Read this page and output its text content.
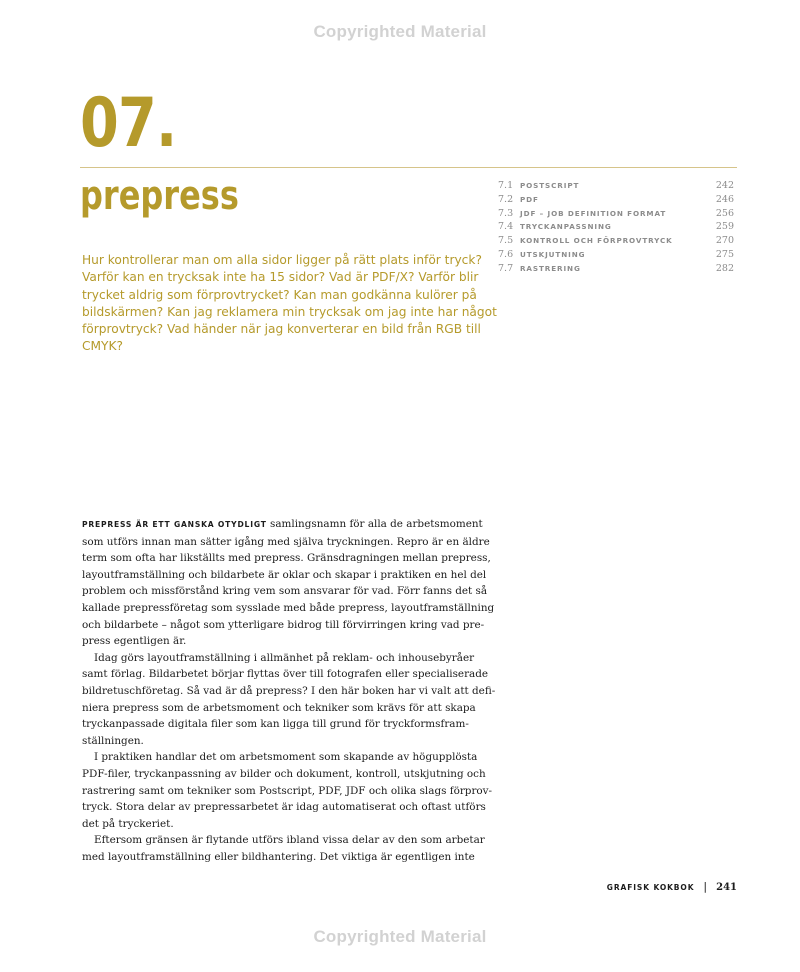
Copyrighted Material
07.
prepress

Hur kontrollerar man om alla sidor ligger på rätt plats inför tryck?
Varför kan en trycksak inte ha 15 sidor? Vad är PDF/X? Varför blir
trycket aldrig som förprovtrycket? Kan man godkänna kulörer på
bildskärmen? Kan jag reklamera min trycksak om jag inte har något
förprovtryck? Vad händer när jag konverterar en bild från RGB till
CMYK?

7.1 POSTSCRIPT	242
7.2 PDF	246
7.3 JDF – JOB DEFINITION FORMAT	256
7.4 TRYCKANPASSNING	259
7.5 KONTROLL OCH FÖRPROVTRYCK	270
7.6 UTSKJUTNING	275
7.7 RASTRERING	282
PREPRESS ÄR ETT GANSKA OTYDLIGT samlingsnamn för alla de arbetsmoment
som utförs innan man sätter igång med själva tryckningen. Repro är en äldre
term som ofta har likställts med prepress. Gränsdragningen mellan prepress,
layoutframställning och bildarbete är oklar och skapar i praktiken en hel del
problem och missförstånd kring vem som ansvarar för vad. Förr fanns det så
kallade prepressföretag som sysslade med både prepress, layoutframställning
och bildarbete – något som ytterligare bidrog till förvirringen kring vad pre-
press egentligen är.
Idag görs layoutframställning i allmänhet på reklam- och inhousebyråer
samt förlag. Bildarbetet börjar flyttas över till fotografen eller specialiserade
bildretuschföretag. Så vad är då prepress? I den här boken har vi valt att defi-
niera prepress som de arbetsmoment och tekniker som krävs för att skapa
tryckanpassade digitala filer som kan ligga till grund för tryckformsfram-
ställningen.
I praktiken handlar det om arbetsmoment som skapande av högupplösta
PDF-filer, tryckanpassning av bilder och dokument, kontroll, utskjutning och
rastrering samt om tekniker som Postscript, PDF, JDF och olika slags förprov-
tryck. Stora delar av prepressarbetet är idag automatiserat och oftast utförs
det på tryckeriet.
Eftersom gränsen är flytande utförs ibland vissa delar av den som arbetar
med layoutframställning eller bildhantering. Det viktiga är egentligen inte
GRAFISK KOKBOK | 241
Copyrighted Material
